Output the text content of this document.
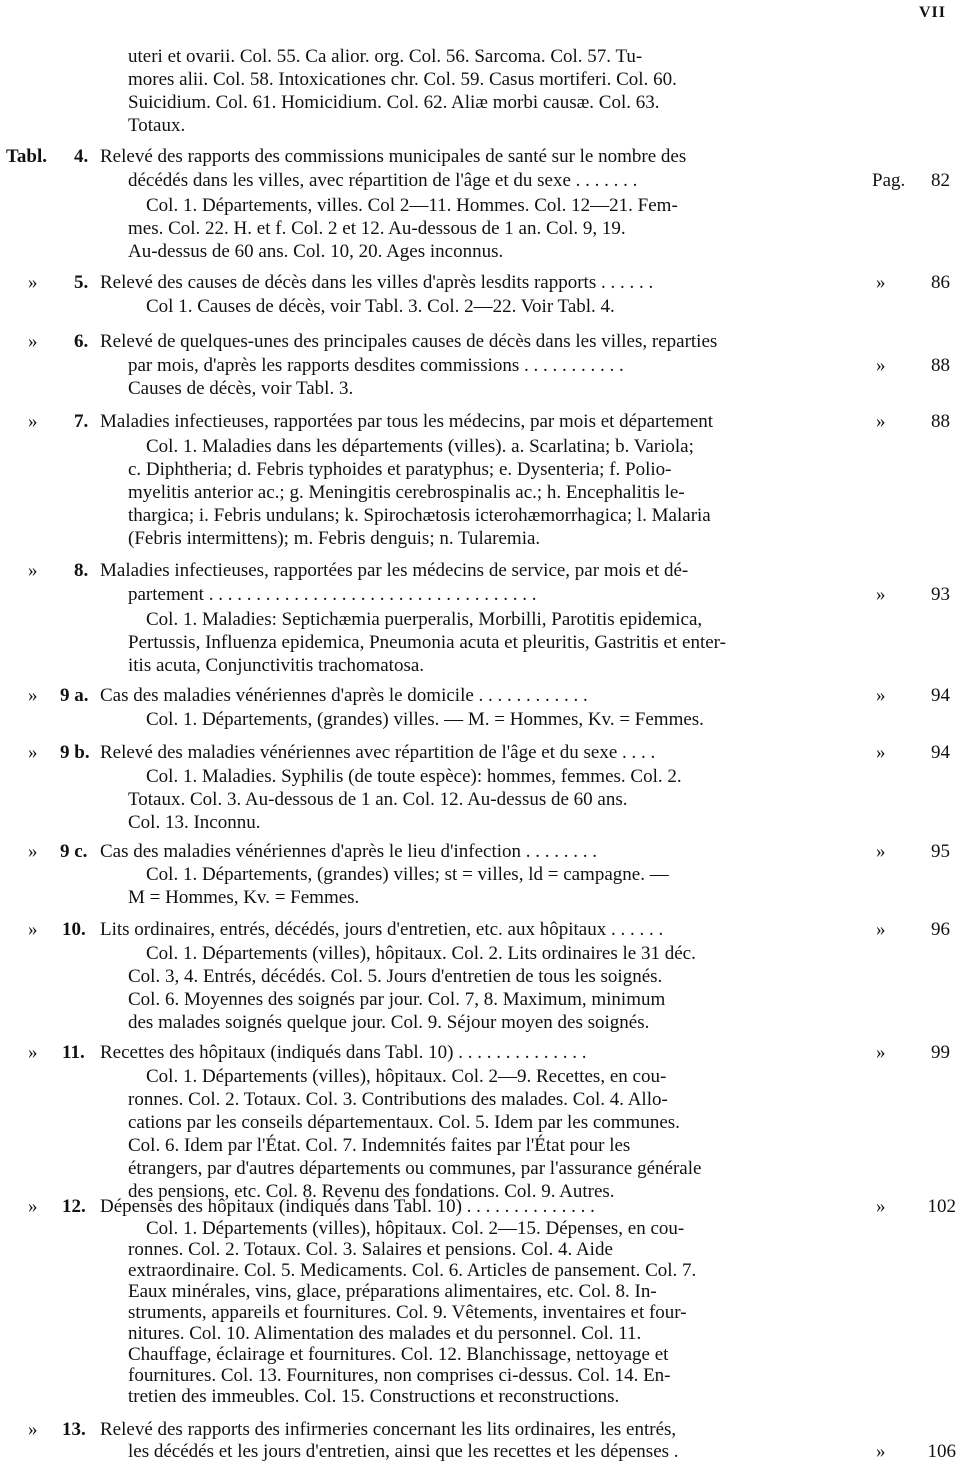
VII
uteri et ovarii. Col. 55. Ca alior. org. Col. 56. Sarcoma. Col. 57. Tu-
mores alii. Col. 58. Intoxicationes chr. Col. 59. Casus mortiferi. Col. 60.
Suicidium. Col. 61. Homicidium. Col. 62. Aliæ morbi causæ. Col. 63.
Totaux.
Tabl. 4. Relevé des rapports des commissions municipales de santé sur le nombre des
décédés dans les villes, avec répartition de l'âge et du sexe . . . . . . .	Pag.	82
Col. 1. Départements, villes. Col 2—11. Hommes. Col. 12—21. Fem-
mes. Col. 22. H. et f. Col. 2 et 12. Au-dessous de 1 an. Col. 9, 19.
Au-dessus de 60 ans. Col. 10, 20. Ages inconnus.
» 5. Relevé des causes de décès dans les villes d'après lesdits rapports . . . . . .	»	86
Col 1. Causes de décès, voir Tabl. 3. Col. 2—22. Voir Tabl. 4.
» 6. Relevé de quelques-unes des principales causes de décès dans les villes, reparties
par mois, d'après les rapports desdites commissions . . . . . . . . . . .	»	88
Causes de décès, voir Tabl. 3.
» 7. Maladies infectieuses, rapportées par tous les médecins, par mois et département	»	88
Col. 1. Maladies dans les départements (villes). a. Scarlatina; b. Variola;
c. Diphtheria; d. Febris typhoides et paratyphus; e. Dysenteria; f. Polio-
myelitis anterior ac.; g. Meningitis cerebrospinalis ac.; h. Encephalitis le-
thargica; i. Febris undulans; k. Spirochætosis icterohæmorrhagica; l. Malaria
(Febris intermittens); m. Febris denguis; n. Tularemia.
» 8. Maladies infectieuses, rapportées par les médecins de service, par mois et dé-
partement . . . . . . . . . . . . . . . . . . . . . . . . . . . . . . . . . . .	»	93
Col. 1. Maladies: Septichæmia puerperalis, Morbilli, Parotitis epidemica,
Pertussis, Influenza epidemica, Pneumonia acuta et pleuritis, Gastritis et enter-
itis acuta, Conjunctivitis trachomatosa.
» 9 a. Cas des maladies vénériennes d'après le domicile . . . . . . . . . . . .	»	94
Col. 1. Départements, (grandes) villes. — M. = Hommes, Kv. = Femmes.
» 9 b. Relevé des maladies vénériennes avec répartition de l'âge et du sexe . . . .	»	94
Col. 1. Maladies. Syphilis (de toute espèce): hommes, femmes. Col. 2.
Totaux. Col. 3. Au-dessous de 1 an. Col. 12. Au-dessus de 60 ans.
Col. 13. Inconnu.
» 9 c. Cas des maladies vénériennes d'après le lieu d'infection . . . . . . . .	»	95
Col. 1. Départements, (grandes) villes; st = villes, ld = campagne. —
M = Hommes, Kv. = Femmes.
» 10. Lits ordinaires, entrés, décédés, jours d'entretien, etc. aux hôpitaux . . . . . .	»	96
Col. 1. Départements (villes), hôpitaux. Col. 2. Lits ordinaires le 31 déc.
Col. 3, 4. Entrés, décédés. Col. 5. Jours d'entretien de tous les soignés.
Col. 6. Moyennes des soignés par jour. Col. 7, 8. Maximum, minimum
des malades soignés quelque jour. Col. 9. Séjour moyen des soignés.
» 11. Recettes des hôpitaux (indiqués dans Tabl. 10) . . . . . . . . . . . . . .	»	99
Col. 1. Départements (villes), hôpitaux. Col. 2—9. Recettes, en cou-
ronnes. Col. 2. Totaux. Col. 3. Contributions des malades. Col. 4. Allo-
cations par les conseils départementaux. Col. 5. Idem par les communes.
Col. 6. Idem par l'État. Col. 7. Indemnités faites par l'État pour les
étrangers, par d'autres départements ou communes, par l'assurance générale
des pensions, etc. Col. 8. Revenu des fondations. Col. 9. Autres.
» 12. Dépenses des hôpitaux (indiqués dans Tabl. 10) . . . . . . . . . . . . . .	»	102
Col. 1. Départements (villes), hôpitaux. Col. 2—15. Dépenses, en cou-
ronnes. Col. 2. Totaux. Col. 3. Salaires et pensions. Col. 4. Aide
extraordinaire. Col. 5. Medicaments. Col. 6. Articles de pansement. Col. 7.
Eaux minérales, vins, glace, préparations alimentaires, etc. Col. 8. In-
struments, appareils et fournitures. Col. 9. Vêtements, inventaires et four-
nitures. Col. 10. Alimentation des malades et du personnel. Col. 11.
Chauffage, éclairage et fournitures. Col. 12. Blanchissage, nettoyage et
fournitures. Col. 13. Fournitures, non comprises ci-dessus. Col. 14. En-
tretien des immeubles. Col. 15. Constructions et reconstructions.
» 13. Relevé des rapports des infirmeries concernant les lits ordinaires, les entrés,
les décédés et les jours d'entretien, ainsi que les recettes et les dépenses .	»	106
